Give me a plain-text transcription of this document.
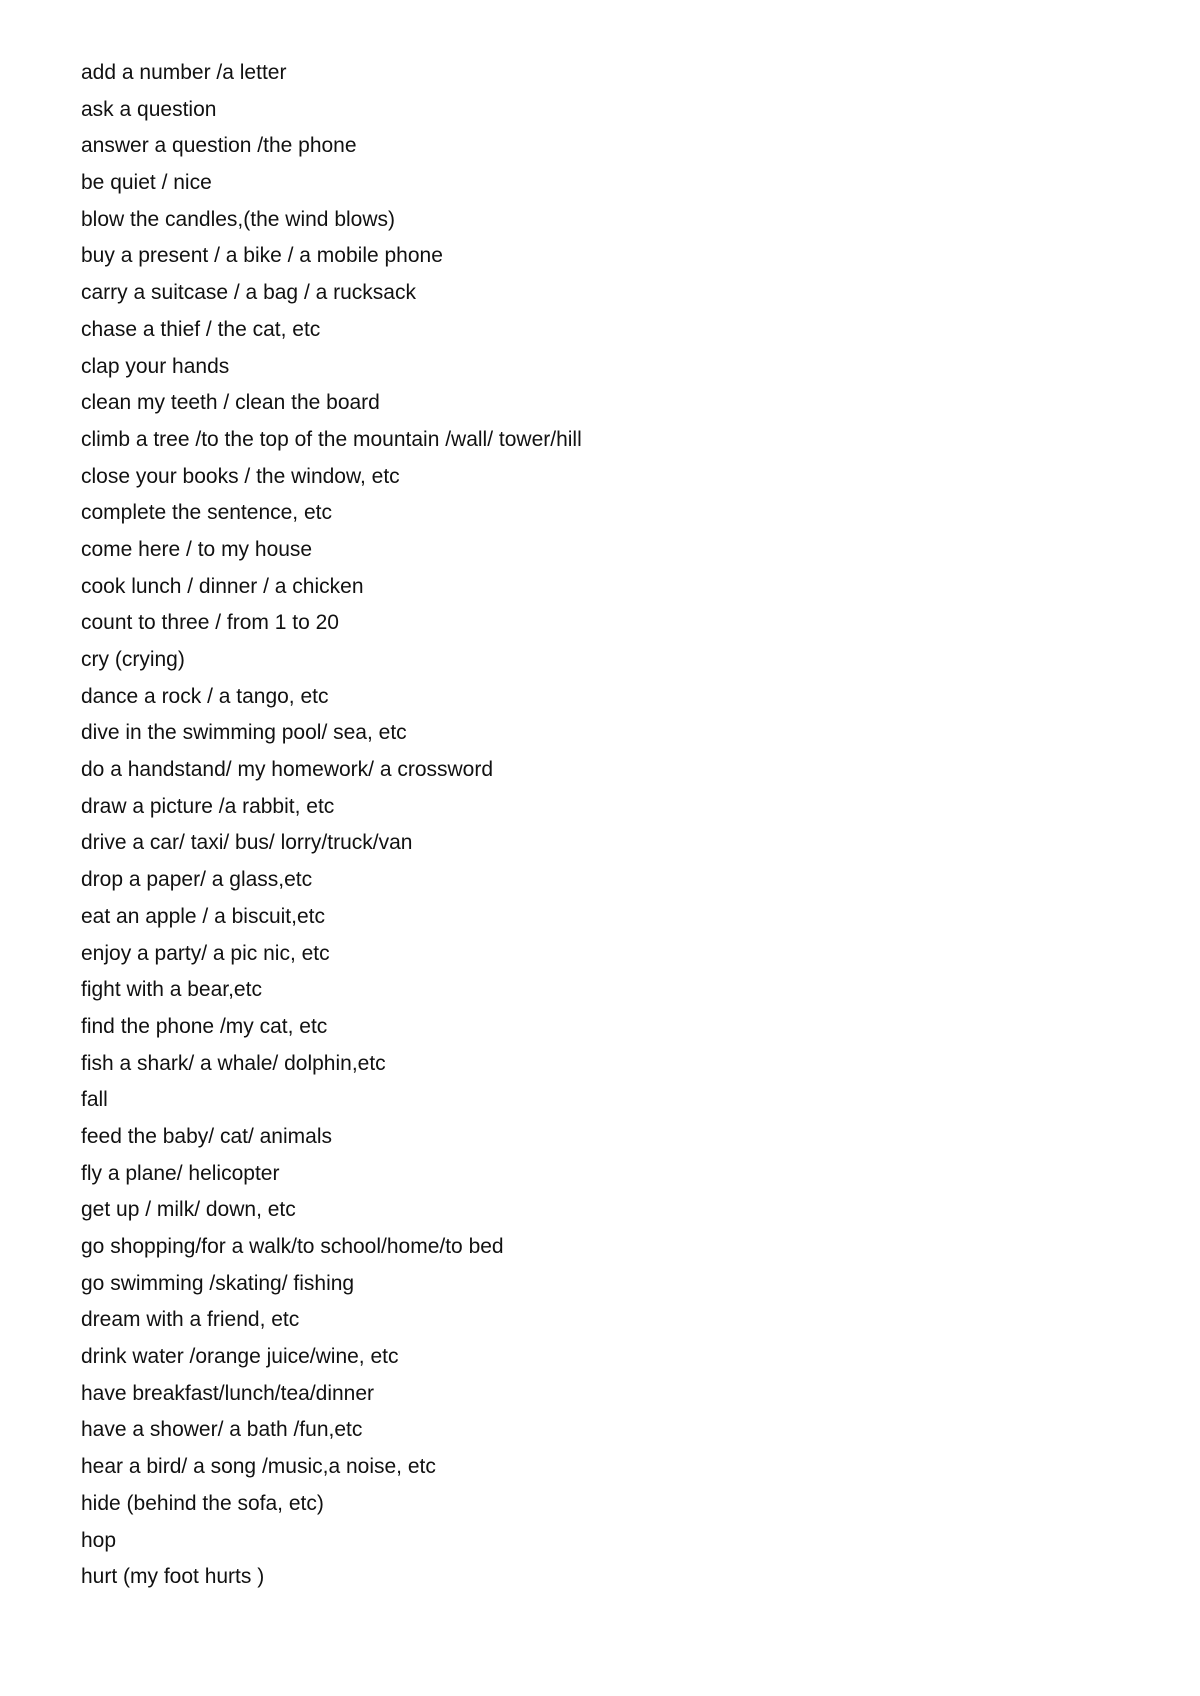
add a number /a letter
ask a question
answer a question /the phone
be quiet / nice
blow the candles,(the wind blows)
buy a present / a bike / a mobile phone
carry a suitcase / a bag / a rucksack
chase a thief / the cat, etc
clap your hands
clean my teeth / clean the board
climb a tree /to the top of the mountain /wall/ tower/hill
close your books / the window, etc
complete the sentence, etc
come here / to my house
cook lunch / dinner / a chicken
count to three / from 1 to 20
cry (crying)
dance a rock / a tango, etc
dive in the swimming pool/ sea, etc
do a handstand/ my homework/ a crossword
draw a picture /a rabbit, etc
drive a car/ taxi/ bus/ lorry/truck/van
drop a paper/ a glass,etc
eat an apple / a biscuit,etc
enjoy a party/ a pic nic, etc
fight with a bear,etc
find the phone /my cat, etc
fish a shark/ a whale/ dolphin,etc
fall
feed the baby/ cat/ animals
fly a plane/ helicopter
get up / milk/ down, etc
go shopping/for a walk/to school/home/to bed
go swimming /skating/ fishing
dream with a friend, etc
drink water /orange juice/wine, etc
have breakfast/lunch/tea/dinner
have a shower/ a bath /fun,etc
hear a bird/ a song /music,a noise, etc
hide (behind the sofa, etc)
hop
hurt (my foot hurts )
